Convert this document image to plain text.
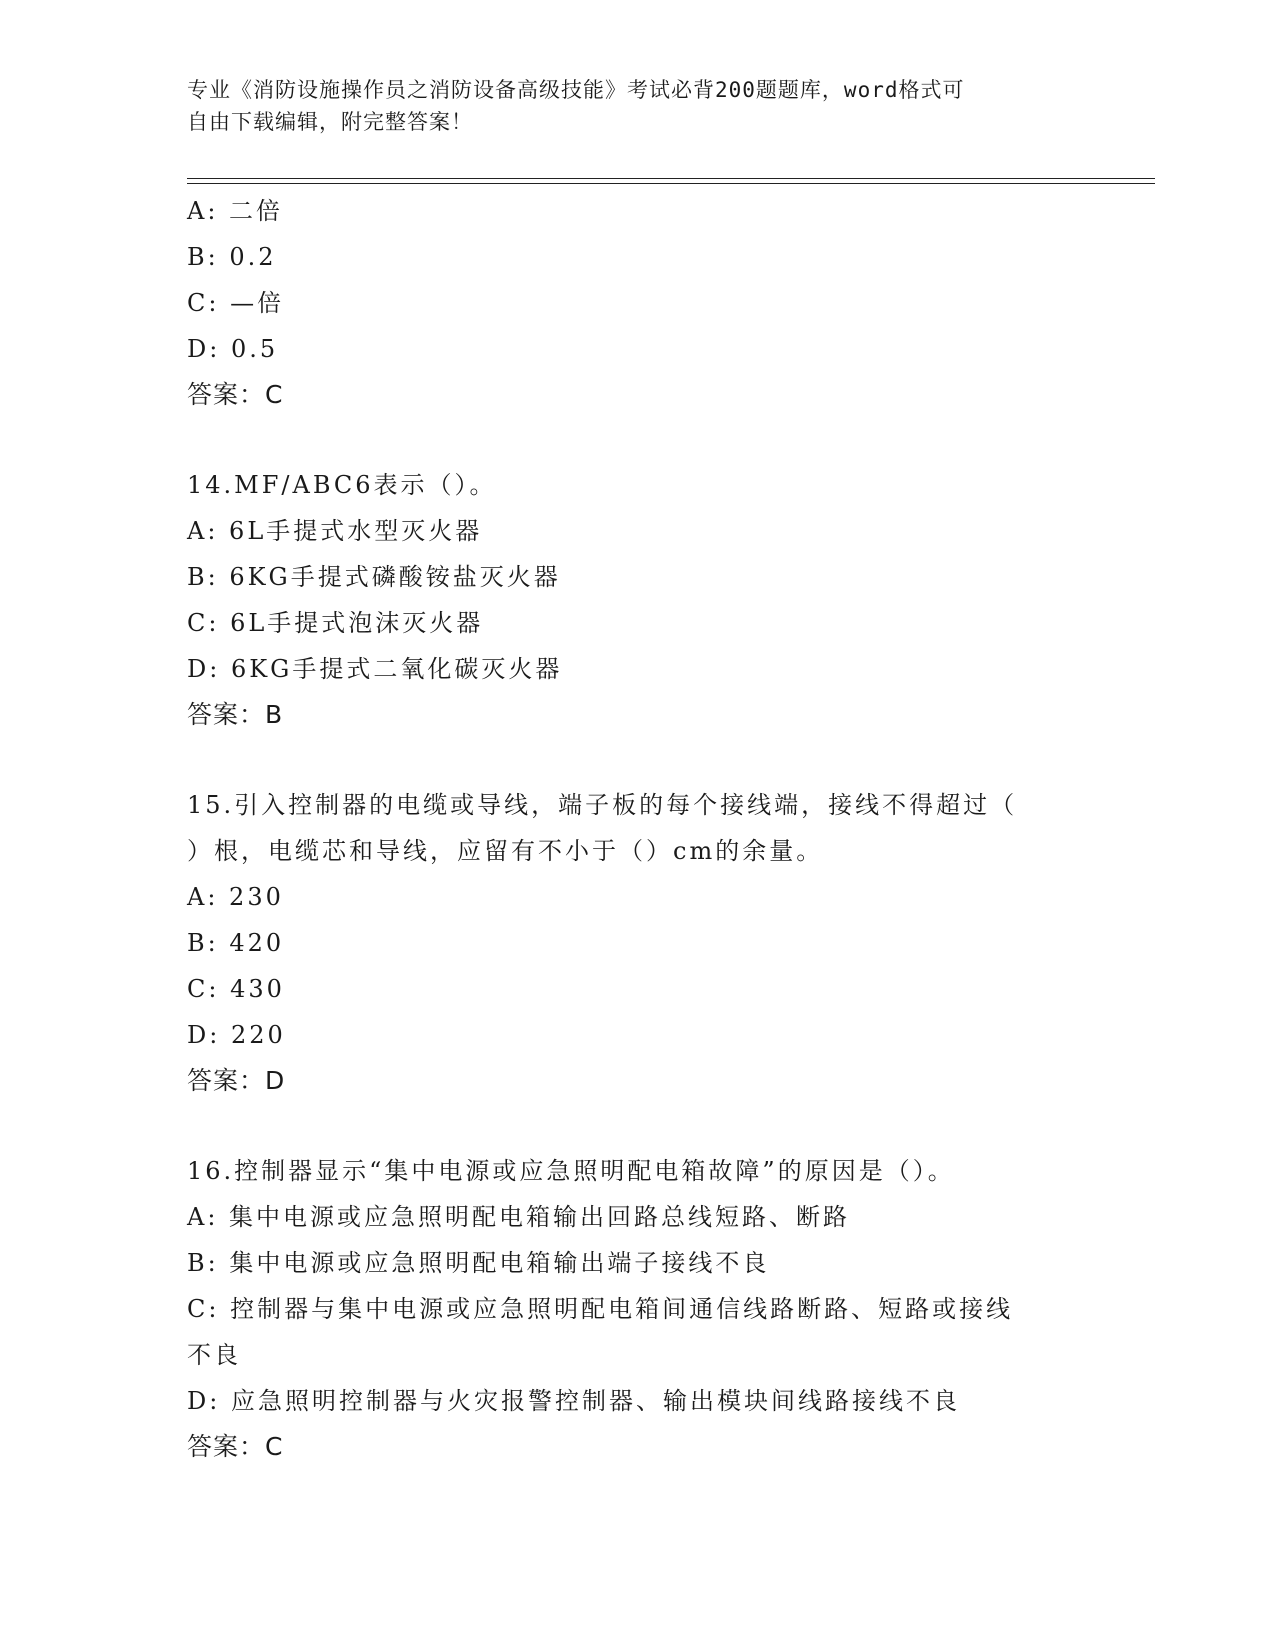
专业《消防设施操作员之消防设备高级技能》考试必背200题题库，word格式可
自由下载编辑，附完整答案！
A: 二倍
B: 0.2
C: —倍
D: 0.5
答案：C
14.MF/ABC6表示（）。
A: 6L手提式水型灭火器
B: 6KG手提式磷酸铵盐灭火器
C: 6L手提式泡沫灭火器
D: 6KG手提式二氧化碳灭火器
答案：B
15.引入控制器的电缆或导线，端子板的每个接线端，接线不得超过（
）根，电缆芯和导线，应留有不小于（）cm的余量。
A: 230
B: 420
C: 430
D: 220
答案：D
16.控制器显示“集中电源或应急照明配电箱故障”的原因是（）。
A: 集中电源或应急照明配电箱输出回路总线短路、断路
B: 集中电源或应急照明配电箱输出端子接线不良
C: 控制器与集中电源或应急照明配电箱间通信线路断路、短路或接线
不良
D: 应急照明控制器与火灾报警控制器、输出模块间线路接线不良
答案：C
